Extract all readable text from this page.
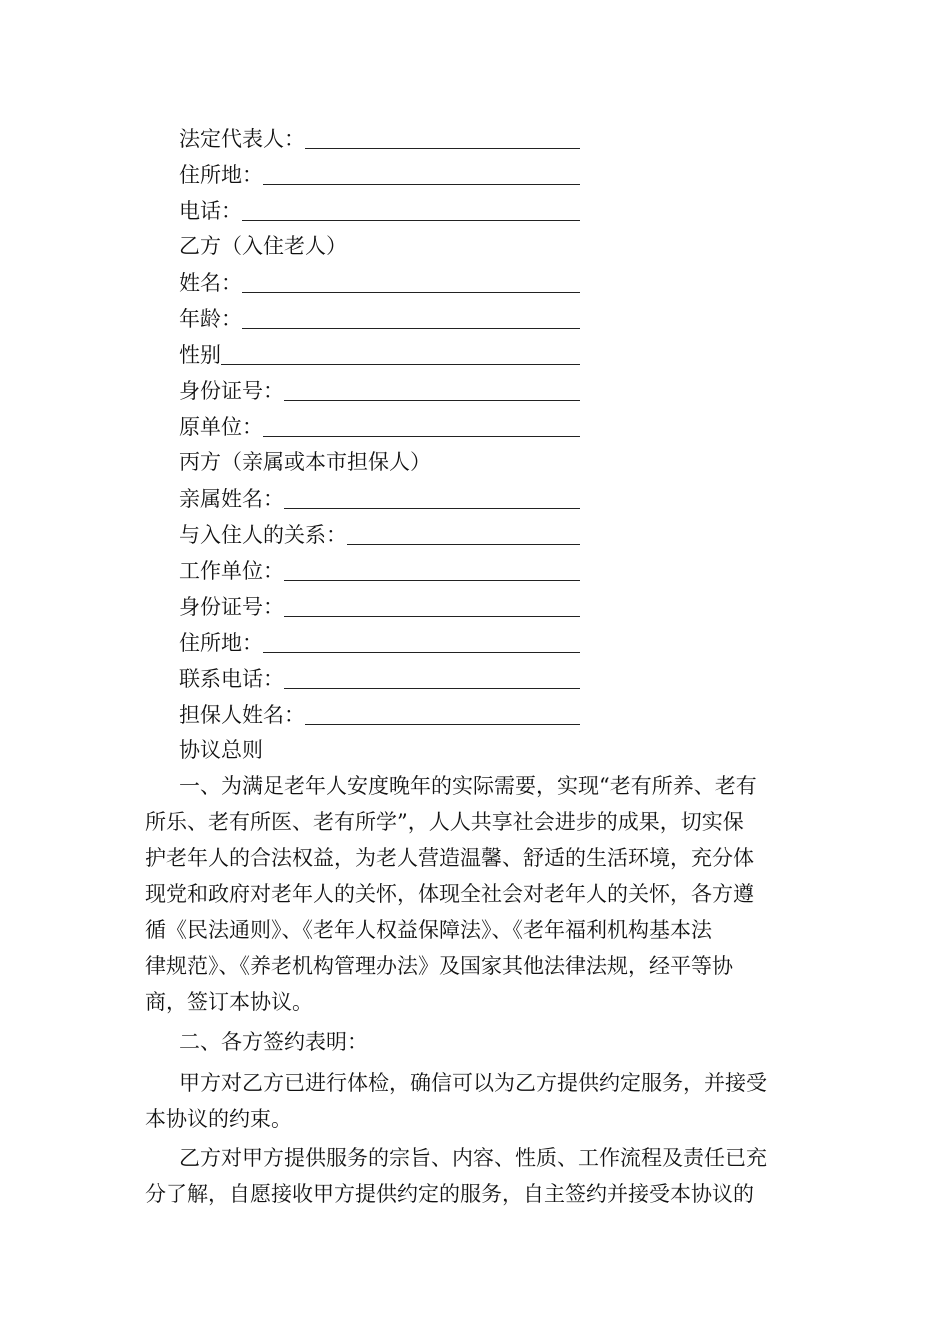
法定代表人：
住所地：
电话：
乙方（入住老人）
姓名：
年龄：
性别
身份证号：
原单位：
丙方（亲属或本市担保人）
亲属姓名：
与入住人的关系：
工作单位：
身份证号：
住所地：
联系电话：
担保人姓名：
协议总则
一、为满足老年人安度晚年的实际需要，实现“老有所养、老有
所乐、老有所医、老有所学”，人人共享社会进步的成果，切实保
护老年人的合法权益，为老人营造温馨、舒适的生活环境，充分体
现党和政府对老年人的关怀，体现全社会对老年人的关怀，各方遵
循《民法通则》、《老年人权益保障法》、《老年福利机构基本法
律规范》、《养老机构管理办法》及国家其他法律法规，经平等协
商，签订本协议。
二、各方签约表明：
甲方对乙方已进行体检，确信可以为乙方提供约定服务，并接受
本协议的约束。
乙方对甲方提供服务的宗旨、内容、性质、工作流程及责任已充
分了解，自愿接收甲方提供约定的服务，自主签约并接受本协议的
